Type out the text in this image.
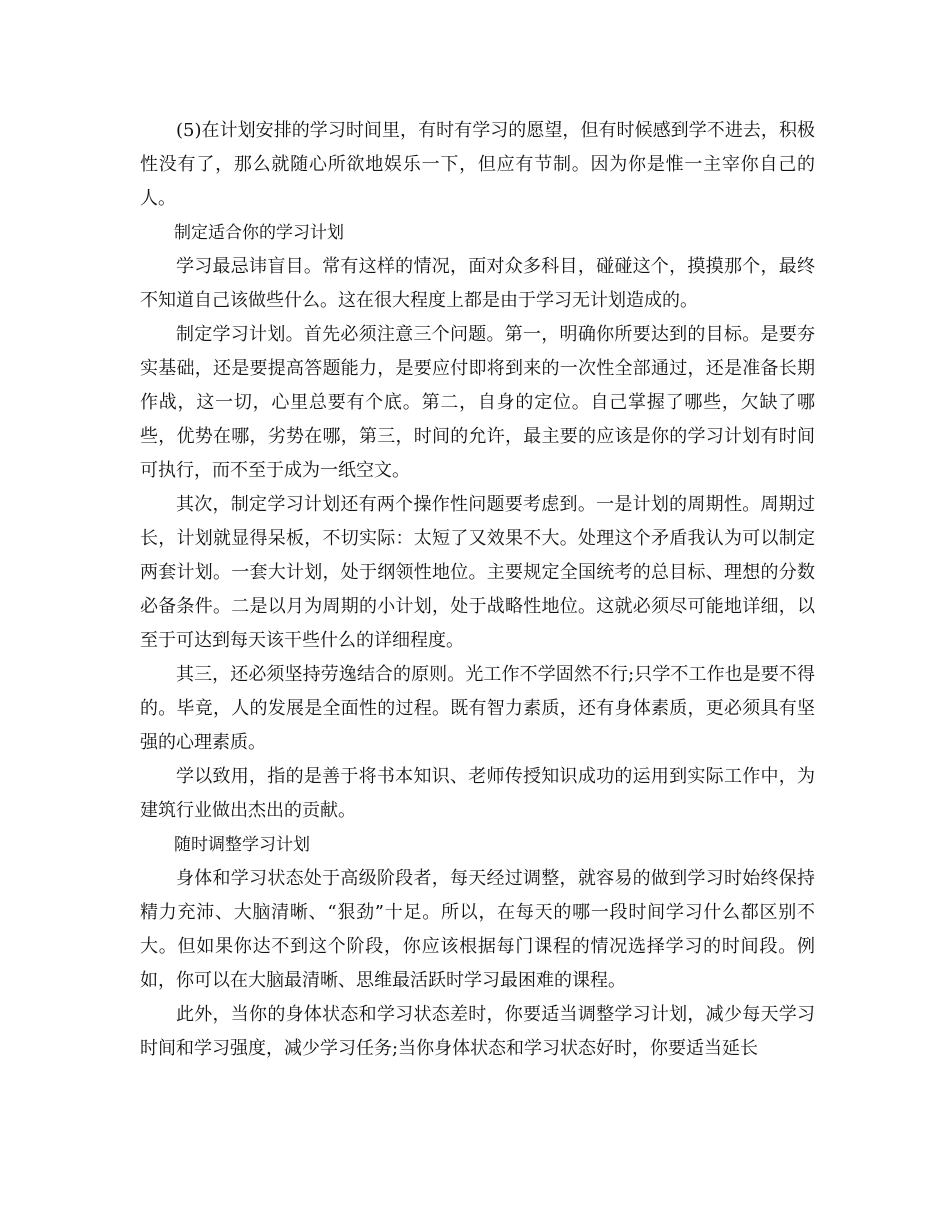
(5)在计划安排的学习时间里，有时有学习的愿望，但有时候感到学不进去，积极性没有了，那么就随心所欲地娱乐一下，但应有节制。因为你是惟一主宰你自己的人。

制定适合你的学习计划

学习最忌讳盲目。常有这样的情况，面对众多科目，碰碰这个，摸摸那个，最终不知道自己该做些什么。这在很大程度上都是由于学习无计划造成的。

制定学习计划。首先必须注意三个问题。第一，明确你所要达到的目标。是要夯实基础，还是要提高答题能力，是要应付即将到来的一次性全部通过，还是准备长期作战，这一切，心里总要有个底。第二，自身的定位。自己掌握了哪些，欠缺了哪些，优势在哪，劣势在哪，第三，时间的允许，最主要的应该是你的学习计划有时间可执行，而不至于成为一纸空文。

其次，制定学习计划还有两个操作性问题要考虑到。一是计划的周期性。周期过长，计划就显得呆板，不切实际：太短了又效果不大。处理这个矛盾我认为可以制定两套计划。一套大计划，处于纲领性地位。主要规定全国统考的总目标、理想的分数必备条件。二是以月为周期的小计划，处于战略性地位。这就必须尽可能地详细，以至于可达到每天该干些什么的详细程度。

其三，还必须坚持劳逸结合的原则。光工作不学固然不行;只学不工作也是要不得的。毕竟，人的发展是全面性的过程。既有智力素质，还有身体素质，更必须具有坚强的心理素质。

学以致用，指的是善于将书本知识、老师传授知识成功的运用到实际工作中，为建筑行业做出杰出的贡献。

随时调整学习计划

身体和学习状态处于高级阶段者，每天经过调整，就容易的做到学习时始终保持精力充沛、大脑清晰、“狠劲”十足。所以，在每天的哪一段时间学习什么都区别不大。但如果你达不到这个阶段，你应该根据每门课程的情况选择学习的时间段。例如，你可以在大脑最清晰、思维最活跃时学习最困难的课程。

此外，当你的身体状态和学习状态差时，你要适当调整学习计划，减少每天学习时间和学习强度，减少学习任务;当你身体状态和学习状态好时，你要适当延长
